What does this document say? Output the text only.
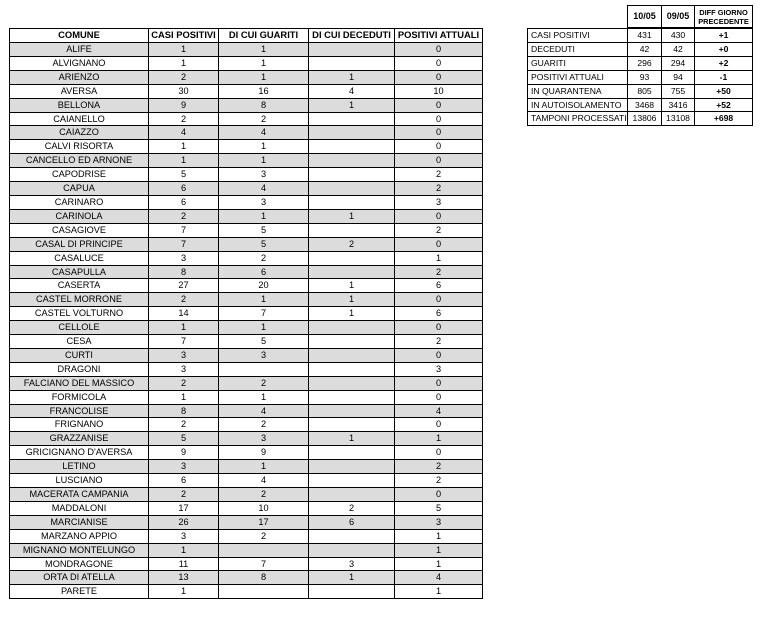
10/05	09/05	DIFF GIORNO PRECEDENTE
COMUNE	CASI POSITIVI	DI CUI GUARITI	DI CUI DECEDUTI	POSITIVI ATTUALI
ALIFE	1	1		0
ALVIGNANO	1	1		0
ARIENZO	2	1	1	0
AVERSA	30	16	4	10
BELLONA	9	8	1	0
CAIANELLO	2	2		0
CAIAZZO	4	4		0
CALVI RISORTA	1	1		0
CANCELLO ED ARNONE	1	1		0
CAPODRISE	5	3		2
CAPUA	6	4		2
CARINARO	6	3		3
CARINOLA	2	1	1	0
CASAGIOVE	7	5		2
CASAL DI PRINCIPE	7	5	2	0
CASALUCE	3	2		1
CASAPULLA	8	6		2
CASERTA	27	20	1	6
CASTEL MORRONE	2	1	1	0
CASTEL VOLTURNO	14	7	1	6
CELLOLE	1	1		0
CESA	7	5		2
CURTI	3	3		0
DRAGONI	3			3
FALCIANO DEL MASSICO	2	2		0
FORMICOLA	1	1		0
FRANCOLISE	8	4		4
FRIGNANO	2	2		0
GRAZZANISE	5	3	1	1
GRICIGNANO D'AVERSA	9	9		0
LETINO	3	1		2
LUSCIANO	6	4		2
MACERATA CAMPANIA	2	2		0
MADDALONI	17	10	2	5
MARCIANISE	26	17	6	3
MARZANO APPIO	3	2		1
MIGNANO MONTELUNGO	1			1
MONDRAGONE	11	7	3	1
ORTA DI ATELLA	13	8	1	4
PARETE	1			1
CASI POSITIVI	431	430	+1
DECEDUTI	42	42	+0
GUARITI	296	294	+2
POSITIVI ATTUALI	93	94	-1
IN QUARANTENA	805	755	+50
IN AUTOISOLAMENTO	3468	3416	+52
TAMPONI PROCESSATI	13806	13108	+698
